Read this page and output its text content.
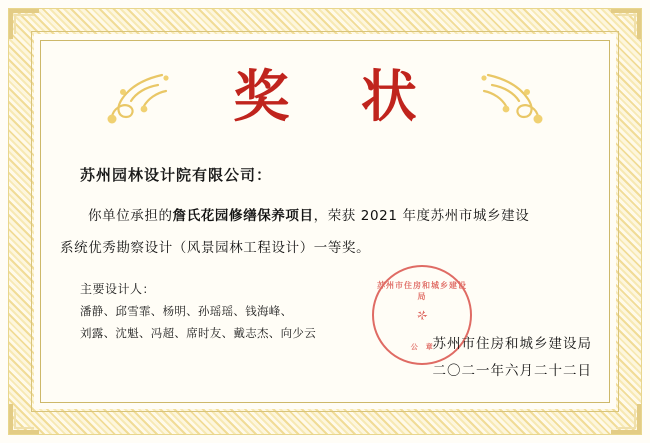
奖 状
苏州园林设计院有限公司：
你单位承担的詹氏花园修缮保养项目，荣获 2021 年度苏州市城乡建设
系统优秀勘察设计（风景园林工程设计）一等奖。
主要设计人：
潘静、邱雪霏、杨明、孙瑶瑶、钱海峰、
刘露、沈魁、冯超、席时友、戴志杰、向少云
苏州市住房和城乡建设局
公　章 苏州市住房和城乡建设局
二〇二一年六月二十二日
